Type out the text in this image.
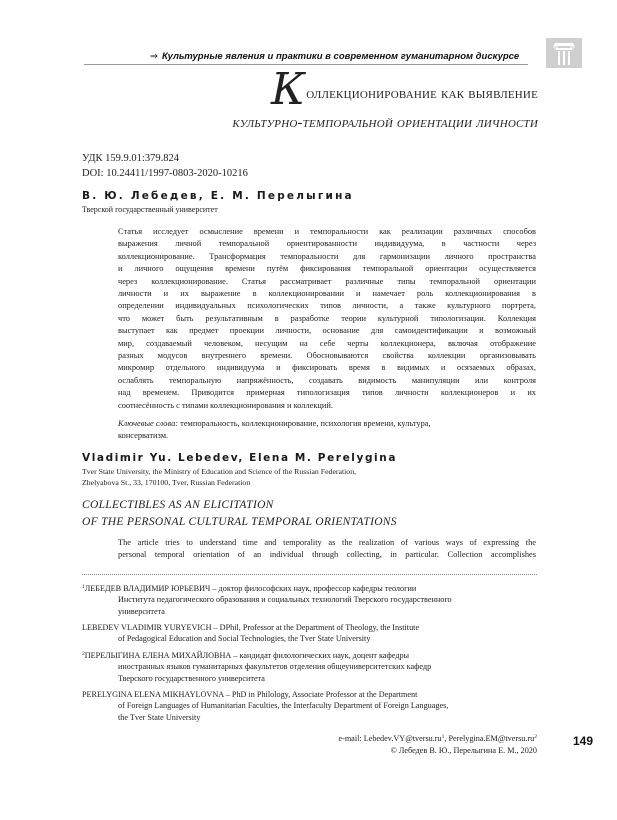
⇒ Культурные явления и практики в современном гуманитарном дискурсе
Коллекционирование как выявление
культурно-темпоральной ориентации личности
УДК 159.9.01:379.824
DOI: 10.24411/1997-0803-2020-10216
В. Ю. Лебедев, Е. М. Перелыгина
Тверской государственный университет
Статья исследует осмысление времени и темпоральности как реализации различных способов
выражения личной темпоральной ориентированности индивидуума, в частности через
коллекционирование. Трансформация темпоральности для гармонизации личного пространства
и личного ощущения времени путём фиксирования темпоральной ориентации осуществляется
через коллекционирование. Статья рассматривает различные типы темпоральной ориентации
личности и их выражение в коллекционировании и намечает роль коллекционирования в
определении индивидуальных психологических типов личности, а также культурного портрета,
что может быть результативным в разработке теории культурной типологизации. Коллекция
выступает как предмет проекции личности, основание для самоидентификации и возможный
мир, создаваемый человеком, несущим на себе черты коллекционера, включая отображение
разных модусов внутреннего времени. Обосновываются свойства коллекции организовывать
микромир отдельного индивидуума и фиксировать время в видимых и осязаемых образах,
ослаблять темпоральную напряжённость, создавать видимость манипуляции или контроля
над временем. Приводится примерная типологизация типов личности коллекционеров и их
соотнесённость с типами коллекционирования и коллекций.
Ключевые слова: темпоральность, коллекционирование, психология времени, культура,
консерватизм.
Vladimir Yu. Lebedev, Elena M. Perelygina
Tver State University, the Ministry of Education and Science of the Russian Federation,
Zhelyabova St., 33, 170100, Tver, Russian Federation
COLLECTIBLES AS AN ELICITATION
OF THE PERSONAL CULTURAL TEMPORAL ORIENTATIONS
The article tries to understand time and temporality as the realization of various ways of expressing the
personal temporal orientation of an individual through collecting, in particular. Collection accomplishes
$^1$ЛЕБЕДЕВ ВЛАДИМИР ЮРЬЕВИЧ – доктор философских наук, профессор кафедры теологии
Института педагогического образования и социальных технологий Тверского государственного
университета
LEBEDEV VLADIMIR YURYEVICH – DPhil, Professor at the Department of Theology, the Institute
of Pedagogical Education and Social Technologies, the Tver State University
$^2$ПЕРЕЛЫГИНА ЕЛЕНА МИХАЙЛОВНА – кандидат филологических наук, доцент кафедры
иностранных языков гуманитарных факультетов отделения общеуниверситетских кафедр
Тверского государственного университета
PERELYGINA ELENA MIKHAYLOVNA – PhD in Philology, Associate Professor at the Department
of Foreign Languages of Humanitarian Faculties, the Interfaculty Department of Foreign Languages,
the Tver State University
e-mail: $Lebedev.VY@tversu.ru^1$, $Perelygina.EM@tversu.ru^2$
© Лебедев В. Ю., Перелыгина Е. М., 2020
149
